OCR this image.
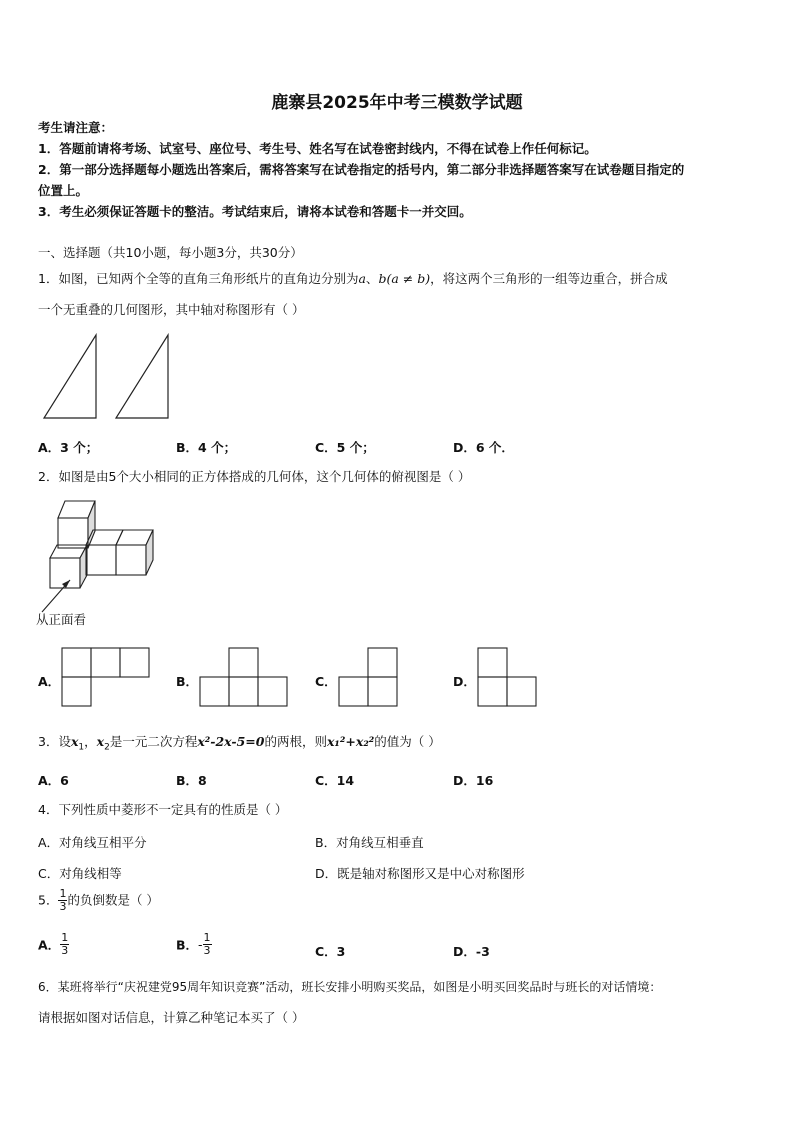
鹿寨县2025年中考三模数学试题
考生请注意：
1．答题前请将考场、试室号、座位号、考生号、姓名写在试卷密封线内，不得在试卷上作任何标记。
2．第一部分选择题每小题选出答案后，需将答案写在试卷指定的括号内，第二部分非选择题答案写在试卷题目指定的
位置上。
3．考生必须保证答题卡的整洁。考试结束后，请将本试卷和答题卡一并交回。
一、选择题（共10小题，每小题3分，共30分）
1．如图，已知两个全等的直角三角形纸片的直角边分别为a、b(a ≠ b)，将这两个三角形的一组等边重合，拼合成
一个无重叠的几何图形，其中轴对称图形有（ ）
A．3 个；	B．4 个；	C．5 个；	D．6 个．
2．如图是由5个大小相同的正方体搭成的几何体，这个几何体的俯视图是（ ）
从正面看
A．	B．	C．	D．
3．设$x_1$，$x_2$是一元二次方程x²-2x-5=0的两根，则x₁²+x₂²的值为（ ）
A．6	B．8	C．14	D．16
4．下列性质中菱形不一定具有的性质是（ ）
A．对角线互相平分	B．对角线互相垂直
C．对角线相等	D．既是轴对称图形又是中心对称图形
5． $\frac{1}{3}$ 的负倒数是（ ）
A． $\frac{1}{3}$	B．- $\frac{1}{3}$	C．3	D．-3
6．某班将举行“庆祝建党95周年知识竞赛”活动，班长安排小明购买奖品，如图是小明买回奖品时与班长的对话情境：
请根据如图对话信息，计算乙种笔记本买了（ ）
